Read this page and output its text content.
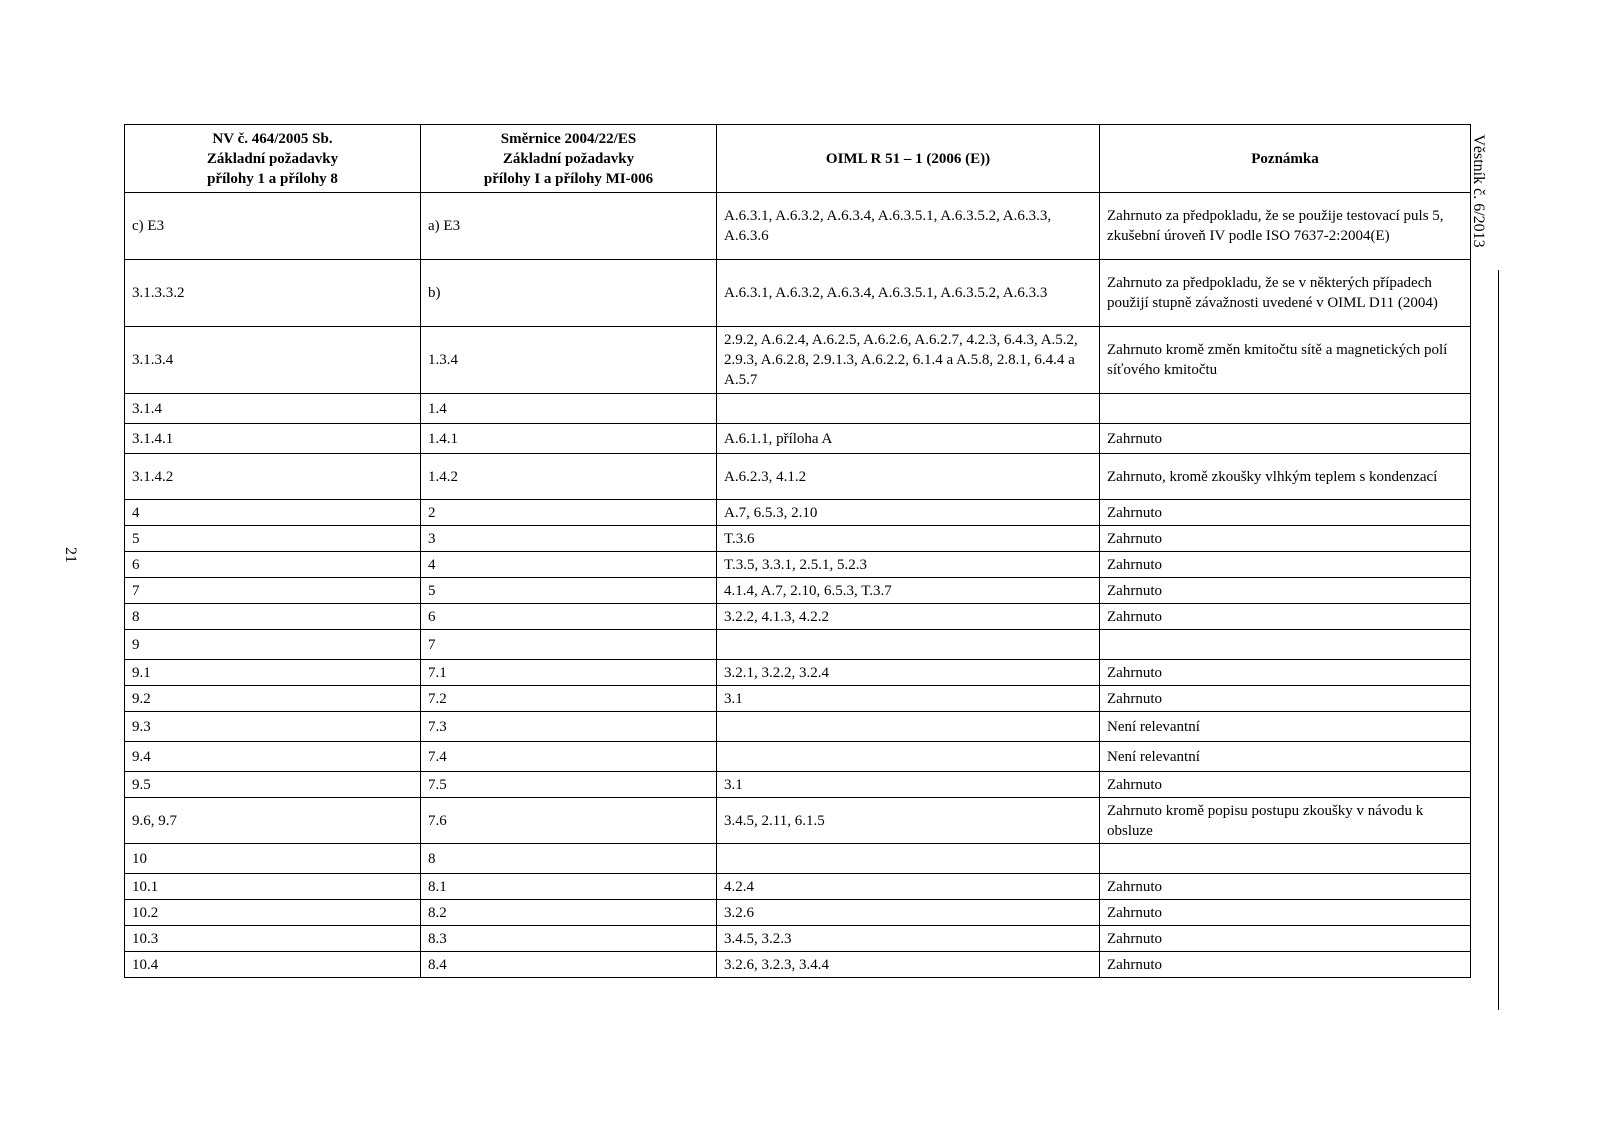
21
Věstník č. 6/2013
NV č. 464/2005 Sb.
Základní požadavky
přílohy 1 a přílohy 8	Směrnice 2004/22/ES
Základní požadavky
přílohy I a přílohy MI-006	OIML R 51 – 1 (2006 (E))	Poznámka
c) E3	a) E3	A.6.3.1, A.6.3.2, A.6.3.4, A.6.3.5.1, A.6.3.5.2, A.6.3.3, A.6.3.6	Zahrnuto za předpokladu, že se použije testovací puls 5, zkušební úroveň IV podle ISO 7637-2:2004(E)
3.1.3.3.2	b)	A.6.3.1, A.6.3.2, A.6.3.4, A.6.3.5.1, A.6.3.5.2, A.6.3.3	Zahrnuto za předpokladu, že se v některých případech použijí stupně závažnosti uvedené v OIML D11 (2004)
3.1.3.4	1.3.4	2.9.2, A.6.2.4, A.6.2.5, A.6.2.6, A.6.2.7, 4.2.3, 6.4.3, A.5.2, 2.9.3, A.6.2.8, 2.9.1.3, A.6.2.2, 6.1.4 a A.5.8, 2.8.1, 6.4.4 a A.5.7	Zahrnuto kromě změn kmitočtu sítě a magnetických polí síťového kmitočtu
3.1.4	1.4		
3.1.4.1	1.4.1	A.6.1.1, příloha A	Zahrnuto
3.1.4.2	1.4.2	A.6.2.3, 4.1.2	Zahrnuto, kromě zkoušky vlhkým teplem s kondenzací
4	2	A.7, 6.5.3, 2.10	Zahrnuto
5	3	T.3.6	Zahrnuto
6	4	T.3.5, 3.3.1, 2.5.1, 5.2.3	Zahrnuto
7	5	4.1.4, A.7, 2.10, 6.5.3, T.3.7	Zahrnuto
8	6	3.2.2, 4.1.3, 4.2.2	Zahrnuto
9	7		
9.1	7.1	3.2.1, 3.2.2, 3.2.4	Zahrnuto
9.2	7.2	3.1	Zahrnuto
9.3	7.3		Není relevantní
9.4	7.4		Není relevantní
9.5	7.5	3.1	Zahrnuto
9.6, 9.7	7.6	3.4.5, 2.11, 6.1.5	Zahrnuto kromě popisu postupu zkoušky v návodu k obsluze
10	8		
10.1	8.1	4.2.4	Zahrnuto
10.2	8.2	3.2.6	Zahrnuto
10.3	8.3	3.4.5, 3.2.3	Zahrnuto
10.4	8.4	3.2.6, 3.2.3, 3.4.4	Zahrnuto
